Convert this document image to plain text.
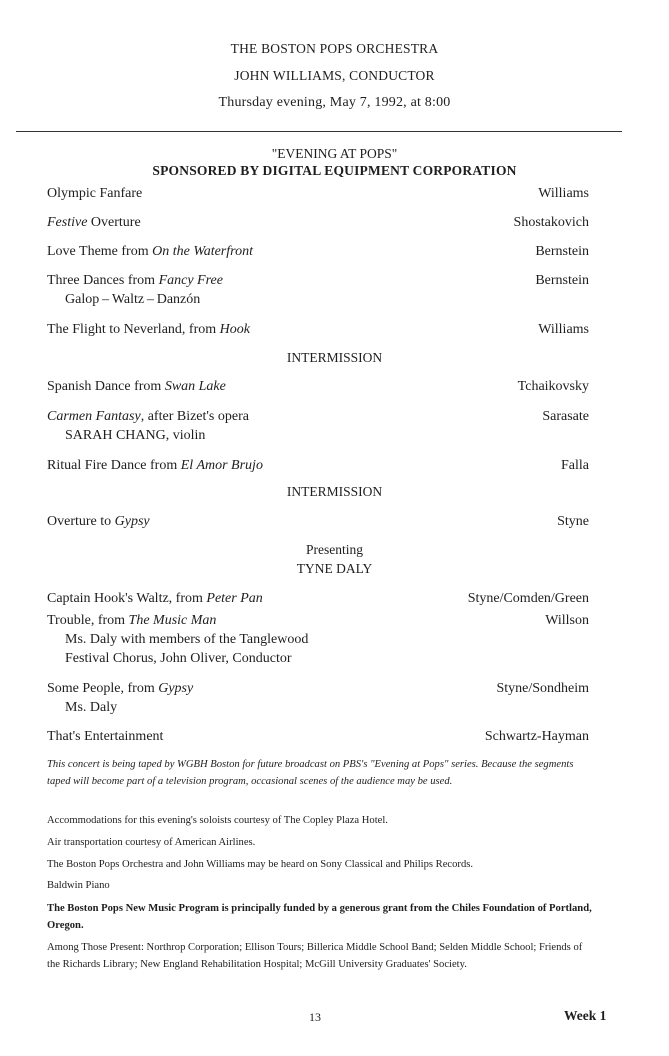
THE BOSTON POPS ORCHESTRA
JOHN WILLIAMS, CONDUCTOR
Thursday evening, May 7, 1992, at 8:00
"EVENING AT POPS"
SPONSORED BY DIGITAL EQUIPMENT CORPORATION
Olympic Fanfare	Williams
Festive Overture	Shostakovich
Love Theme from On the Waterfront	Bernstein
Three Dances from Fancy Free	Bernstein
Galop – Waltz – Danzón
The Flight to Neverland, from Hook	Williams
INTERMISSION
Spanish Dance from Swan Lake	Tchaikovsky
Carmen Fantasy, after Bizet's opera	Sarasate
SARAH CHANG, violin
Ritual Fire Dance from El Amor Brujo	Falla
INTERMISSION
Overture to Gypsy	Styne
Presenting
TYNE DALY
Captain Hook's Waltz, from Peter Pan	Styne/Comden/Green
Trouble, from The Music Man	Willson
Ms. Daly with members of the Tanglewood
Festival Chorus, John Oliver, Conductor
Some People, from Gypsy	Styne/Sondheim
Ms. Daly
That's Entertainment	Schwartz-Hayman
This concert is being taped by WGBH Boston for future broadcast on PBS's "Evening at Pops" series. Because the segments taped will become part of a television program, occasional scenes of the audience may be used.
Accommodations for this evening's soloists courtesy of The Copley Plaza Hotel.
Air transportation courtesy of American Airlines.
The Boston Pops Orchestra and John Williams may be heard on Sony Classical and Philips Records.
Baldwin Piano
The Boston Pops New Music Program is principally funded by a generous grant from the Chiles Foundation of Portland, Oregon.
Among Those Present: Northrop Corporation; Ellison Tours; Billerica Middle School Band; Selden Middle School; Friends of the Richards Library; New England Rehabilitation Hospital; McGill University Graduates' Society.
13	Week 1
